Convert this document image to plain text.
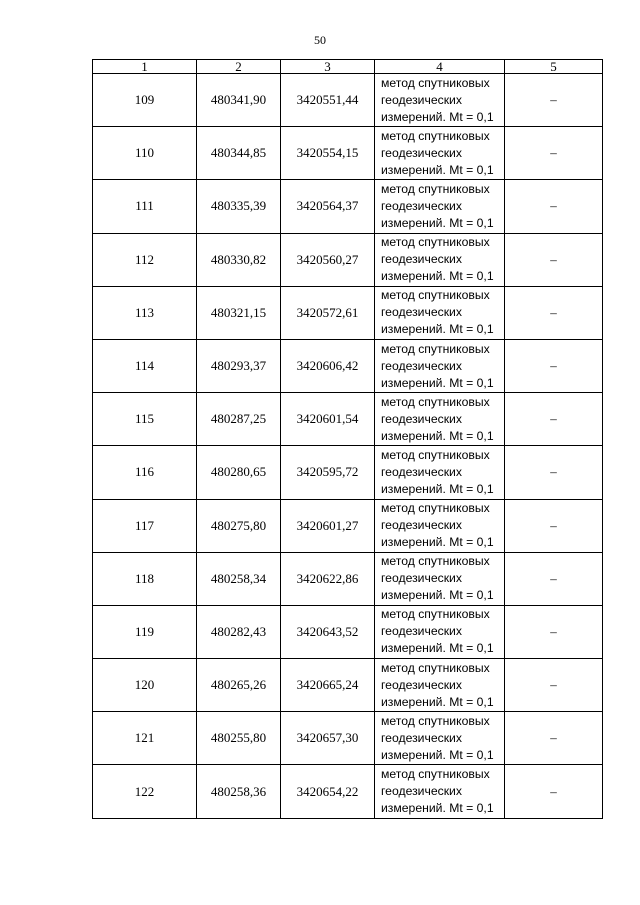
50
1	2	3	4	5
109	480341,90	3420551,44	метод спутниковых
геодезических
измерений. Mt = 0,1	–
110	480344,85	3420554,15	метод спутниковых
геодезических
измерений. Mt = 0,1	–
111	480335,39	3420564,37	метод спутниковых
геодезических
измерений. Mt = 0,1	–
112	480330,82	3420560,27	метод спутниковых
геодезических
измерений. Mt = 0,1	–
113	480321,15	3420572,61	метод спутниковых
геодезических
измерений. Mt = 0,1	–
114	480293,37	3420606,42	метод спутниковых
геодезических
измерений. Mt = 0,1	–
115	480287,25	3420601,54	метод спутниковых
геодезических
измерений. Mt = 0,1	–
116	480280,65	3420595,72	метод спутниковых
геодезических
измерений. Mt = 0,1	–
117	480275,80	3420601,27	метод спутниковых
геодезических
измерений. Mt = 0,1	–
118	480258,34	3420622,86	метод спутниковых
геодезических
измерений. Mt = 0,1	–
119	480282,43	3420643,52	метод спутниковых
геодезических
измерений. Mt = 0,1	–
120	480265,26	3420665,24	метод спутниковых
геодезических
измерений. Mt = 0,1	–
121	480255,80	3420657,30	метод спутниковых
геодезических
измерений. Mt = 0,1	–
122	480258,36	3420654,22	метод спутниковых
геодезических
измерений. Mt = 0,1	–
